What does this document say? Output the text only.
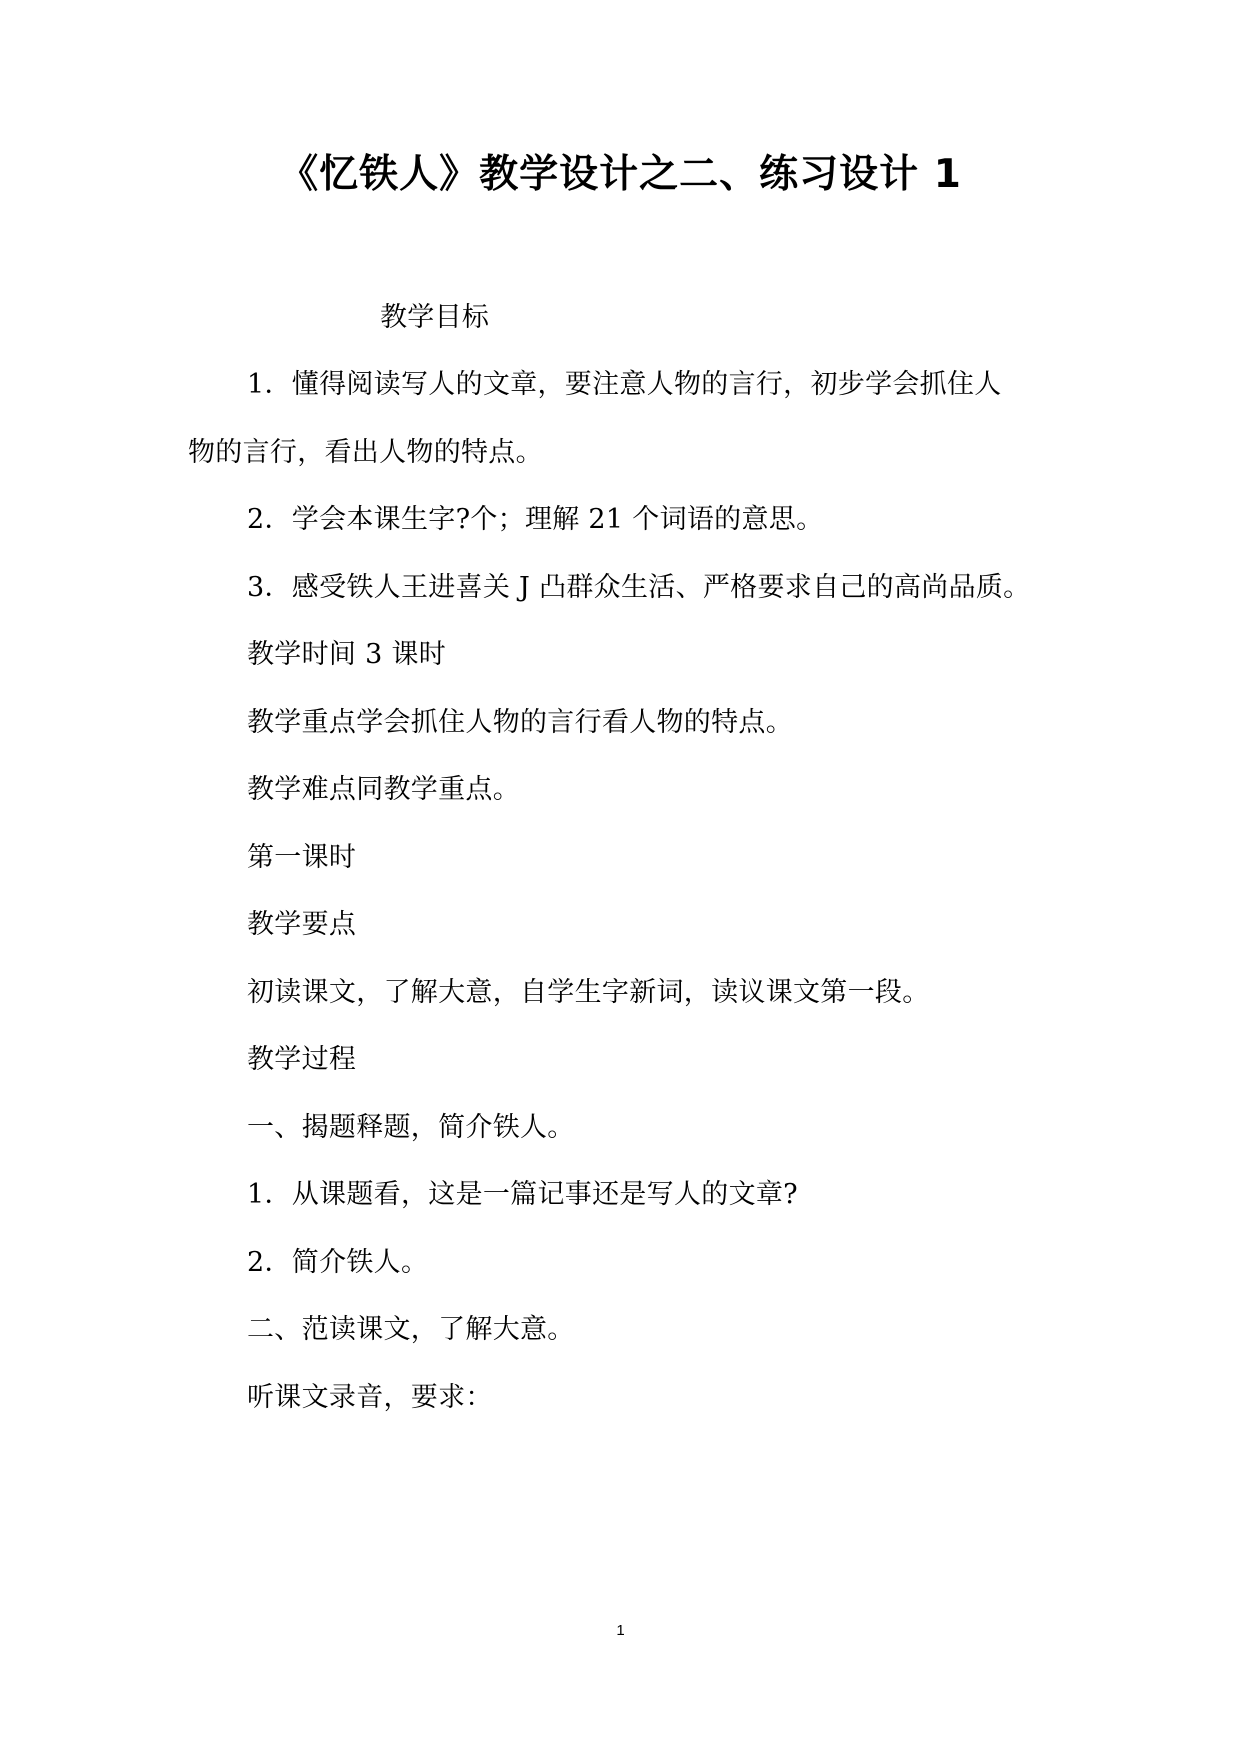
《忆铁人》教学设计之二、练习设计 1
教学目标
1．懂得阅读写人的文章，要注意人物的言行，初步学会抓住人
物的言行，看出人物的特点。
2．学会本课生字?个；理解 21 个词语的意思。
3．感受铁人王进喜关 J 凸群众生活、严格要求自己的高尚品质。
教学时间 3 课时
教学重点学会抓住人物的言行看人物的特点。
教学难点同教学重点。
第一课时
教学要点
初读课文，了解大意，自学生字新词，读议课文第一段。
教学过程
一、揭题释题，简介铁人。
1．从课题看，这是一篇记事还是写人的文章?
2．简介铁人。
二、范读课文，了解大意。
听课文录音，要求：
1
